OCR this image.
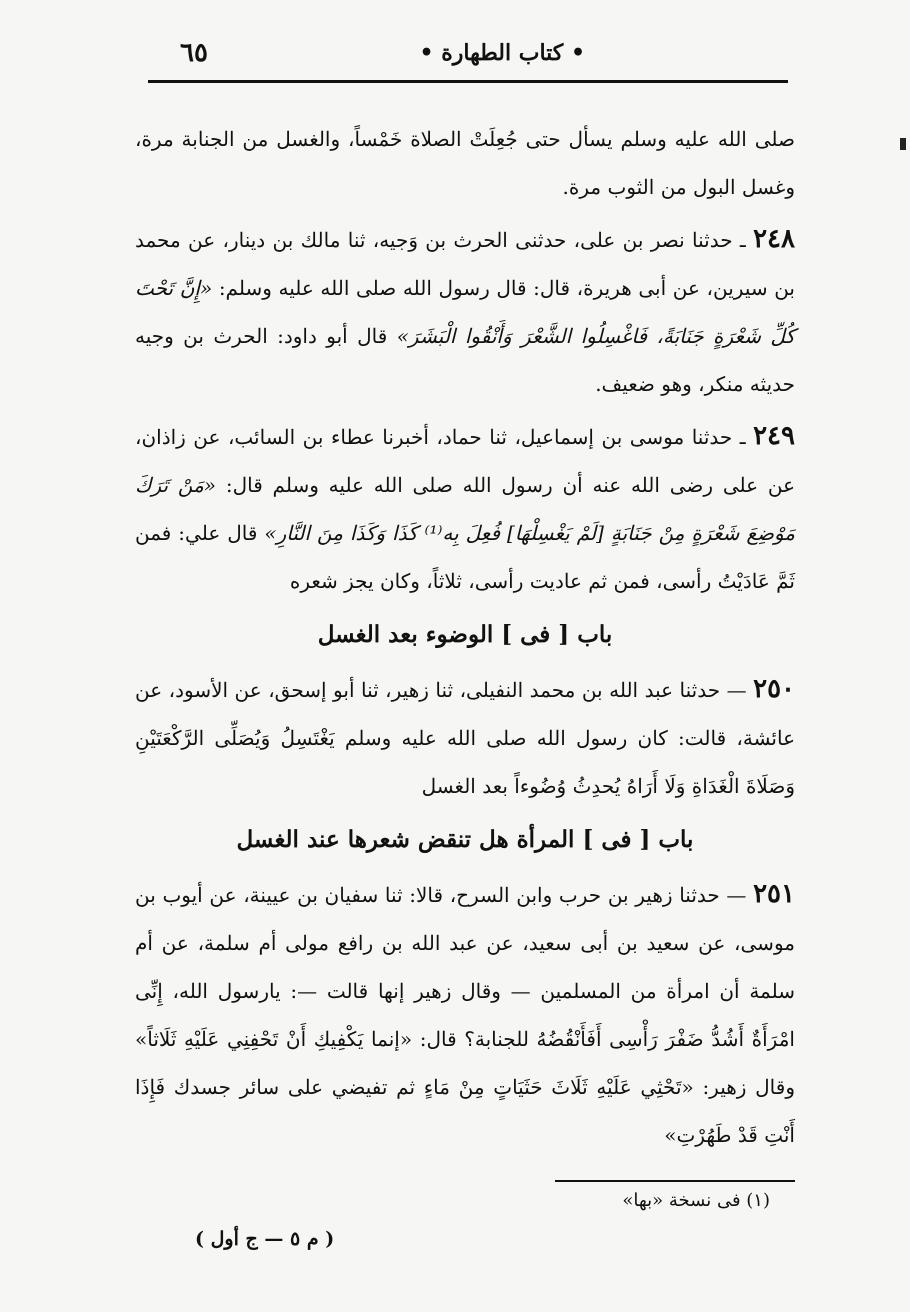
• كتاب الطهارة •
٦٥

صلى الله عليه وسلم يسأل حتى جُعِلَتْ الصلاة خَمْساً، والغسل من الجنابة مرة، وغسل البول من الثوب مرة.

٢٤٨ ـ حدثنا نصر بن على، حدثنى الحرث بن وَجيه، ثنا مالك بن دينار، عن محمد بن سيرين، عن أبى هريرة، قال: قال رسول الله صلى الله عليه وسلم: «إِنَّ تَحْتَ كُلِّ شَعْرَةٍ جَنَابَةً، فَاغْسِلُوا الشَّعْرَ وَأَنْقُوا الْبَشَرَ» قال أبو داود: الحرث بن وجيه حديثه منكر، وهو ضعيف.

٢٤٩ ـ حدثنا موسى بن إسماعيل، ثنا حماد، أخبرنا عطاء بن السائب، عن زاذان، عن على رضى الله عنه أن رسول الله صلى الله عليه وسلم قال: «مَنْ تَرَكَ مَوْضِعَ شَعْرَةٍ مِنْ جَنَابَةٍ [لَمْ يَغْسِلْهَا] فُعِلَ بِه⁽¹⁾ كَذَا وَكَذَا مِنَ النَّارِ» قال علي: فمن ثَمَّ عَادَيْتُ رأسى، فمن ثم عاديت رأسى، ثلاثاً، وكان يجز شعره

باب [ فى ] الوضوء بعد الغسل

٢٥٠ — حدثنا عبد الله بن محمد النفيلى، ثنا زهير، ثنا أبو إسحق، عن الأسود، عن عائشة، قالت: كان رسول الله صلى الله عليه وسلم يَغْتَسِلُ وَيُصَلِّى الرَّكْعَتَيْنِ وَصَلَاةَ الْغَدَاةِ وَلَا أَرَاهُ يُحدِثُ وُضُوءاً بعد الغسل

باب [ فى ] المرأة هل تنقض شعرها عند الغسل

٢٥١ — حدثنا زهير بن حرب وابن السرح، قالا: ثنا سفيان بن عيينة، عن أيوب بن موسى، عن سعيد بن أبى سعيد، عن عبد الله بن رافع مولى أم سلمة، عن أم سلمة أن امرأة من المسلمين — وقال زهير إنها قالت —: يارسول الله، إِنِّى امْرَأَةٌ أَشُدُّ ضَفْرَ رَأْسِى أَفَأَنْقُضُهُ للجنابة؟ قال: «إنما يَكْفِيكِ أَنْ تَحْفِنِي عَلَيْهِ ثَلَاثاً» وقال زهير: «تَحْثِي عَلَيْهِ ثَلَاثَ حَثَيَاتٍ مِنْ مَاءٍ ثم تفيضي على سائر جسدك فَإِذَا أَنْتِ قَدْ طَهُرْتِ»

(١) فى نسخة «بها»
( م ٥ — ج أول )
